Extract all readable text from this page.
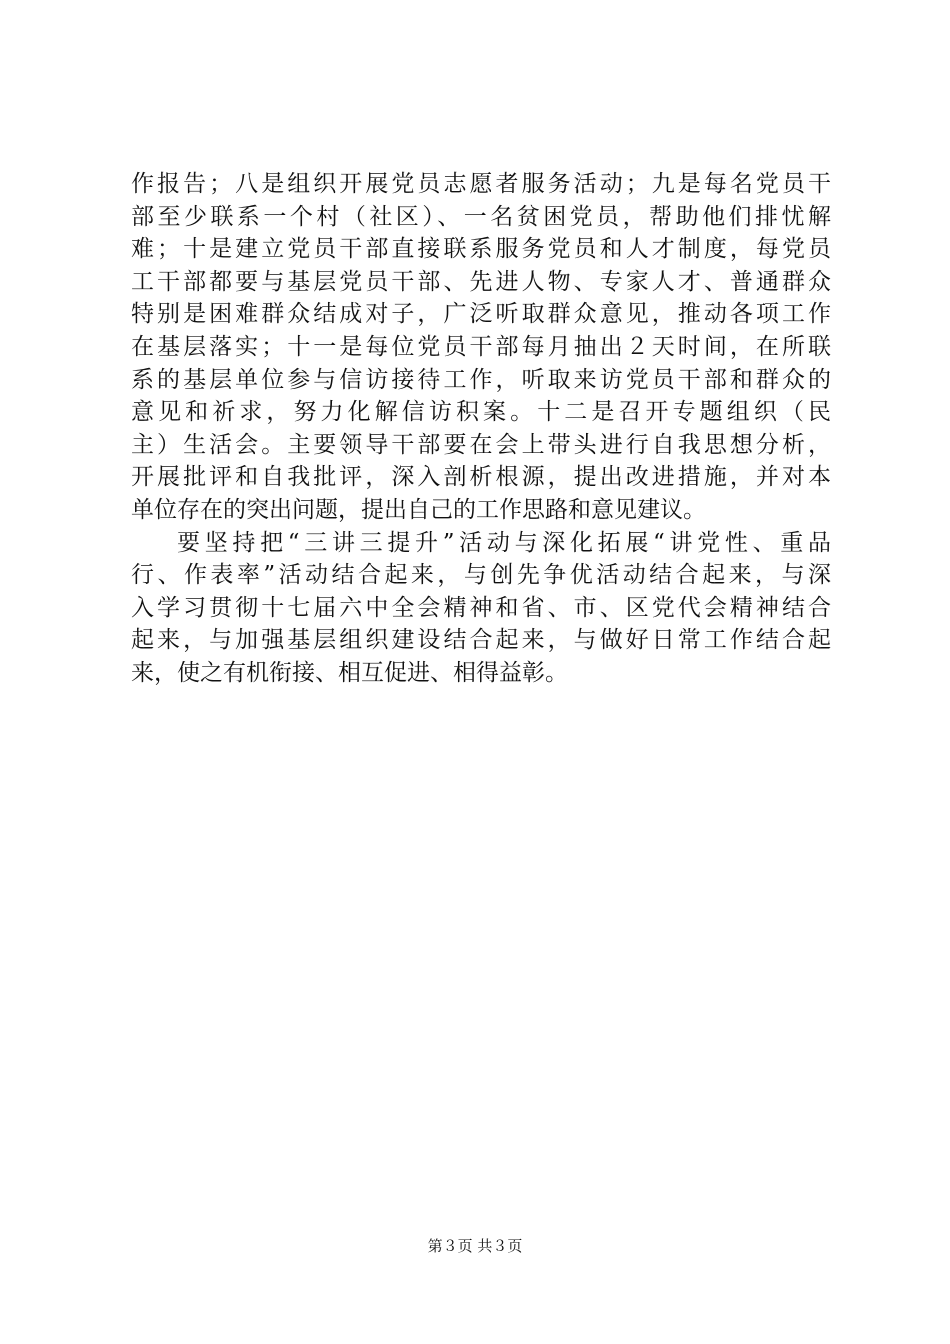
作报告；八是组织开展党员志愿者服务活动；九是每名党员干
部至少联系一个村（社区）、一名贫困党员，帮助他们排忧解
难；十是建立党员干部直接联系服务党员和人才制度，每党员
工干部都要与基层党员干部、先进人物、专家人才、普通群众
特别是困难群众结成对子，广泛听取群众意见，推动各项工作
在基层落实；十一是每位党员干部每月抽出２天时间，在所联
系的基层单位参与信访接待工作，听取来访党员干部和群众的
意见和祈求，努力化解信访积案。十二是召开专题组织（民
主）生活会。主要领导干部要在会上带头进行自我思想分析，
开展批评和自我批评，深入剖析根源，提出改进措施，并对本
单位存在的突出问题，提出自己的工作思路和意见建议。
要坚持把“三讲三提升”活动与深化拓展“讲党性、重品
行、作表率”活动结合起来，与创先争优活动结合起来，与深
入学习贯彻十七届六中全会精神和省、市、区党代会精神结合
起来，与加强基层组织建设结合起来，与做好日常工作结合起
来，使之有机衔接、相互促进、相得益彰。
第３页 共３页
